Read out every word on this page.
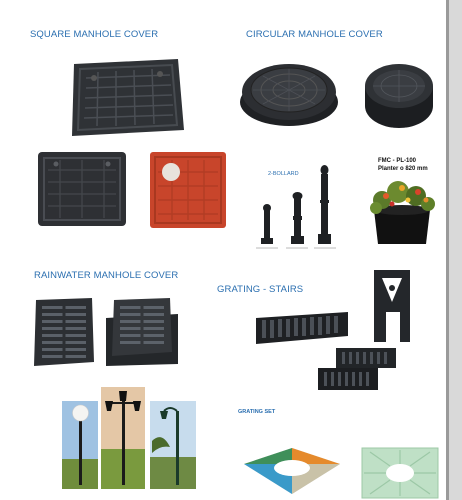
SQUARE MANHOLE COVER	CIRCULAR MANHOLE COVER
RAINWATER MANHOLE COVER
GRATING - STAIRS
GRATING SET
2-BOLLARD
FMC - PL-100
Planter o 820 mm
